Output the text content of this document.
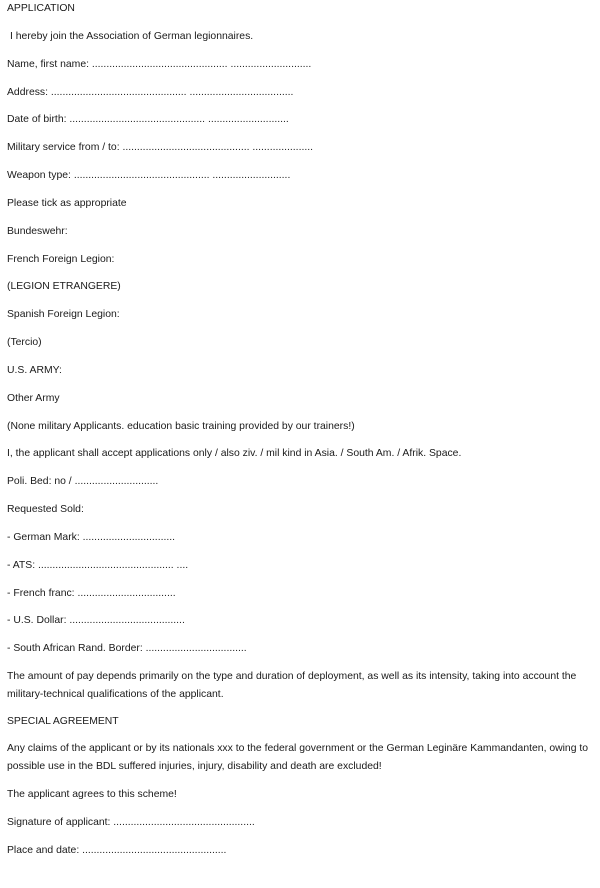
APPLICATION
I hereby join the Association of German legionnaires.
Name, first name: ............................................... ............................
Address: ............................................... ....................................
Date of birth: ............................................... ............................
Military service from / to: ............................................ .....................
Weapon type: ............................................... ...........................
Please tick as appropriate
Bundeswehr:
French Foreign Legion:
(LEGION ETRANGERE)
Spanish Foreign Legion:
(Tercio)
U.S. ARMY:
Other Army
(None military Applicants. education basic training provided by our trainers!)
I, the applicant shall accept applications only / also ziv. / mil kind in Asia. / South Am. / Afrik. Space.
Poli. Bed: no / .............................
Requested Sold:
- German Mark: ................................
- ATS: ............................................... ....
- French franc: ..................................
- U.S. Dollar: ........................................
- South African Rand. Border: ...................................
The amount of pay depends primarily on the type and duration of deployment, as well as its intensity, taking into account the military-technical qualifications of the applicant.
SPECIAL AGREEMENT
Any claims of the applicant or by its nationals xxx to the federal government or the German Leginäre Kammandanten, owing to possible use in the BDL suffered injuries, injury, disability and death are excluded!
The applicant agrees to this scheme!
Signature of applicant: .................................................
Place and date: ..................................................
